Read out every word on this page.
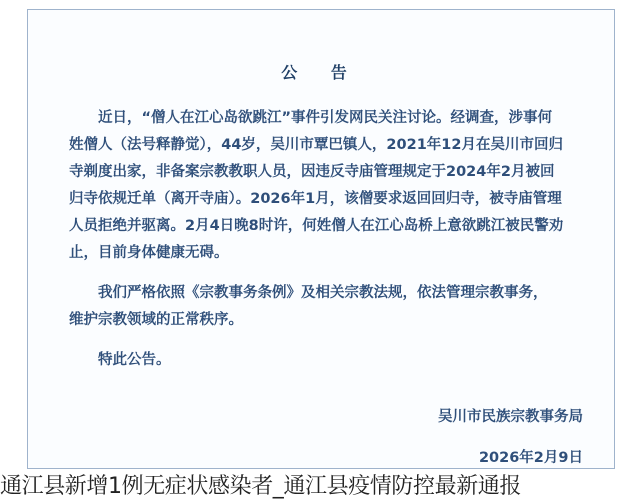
公 告
近日，“僧人在江心岛欲跳江”事件引发网民关注讨论。经调查，涉事何
姓僧人（法号释静觉），44岁，吴川市覃巴镇人，2021年12月在吴川市回归
寺剃度出家，非备案宗教教职人员，因违反寺庙管理规定于2024年2月被回
归寺依规迁单（离开寺庙）。2026年1月，该僧要求返回回归寺，被寺庙管理
人员拒绝并驱离。2月4日晚8时许，何姓僧人在江心岛桥上意欲跳江被民警劝
止，目前身体健康无碍。
我们严格依照《宗教事务条例》及相关宗教法规，依法管理宗教事务，
维护宗教领域的正常秩序。
特此公告。
吴川市民族宗教事务局
2026年2月9日
通江县新增1例无症状感染者_通江县疫情防控最新通报
